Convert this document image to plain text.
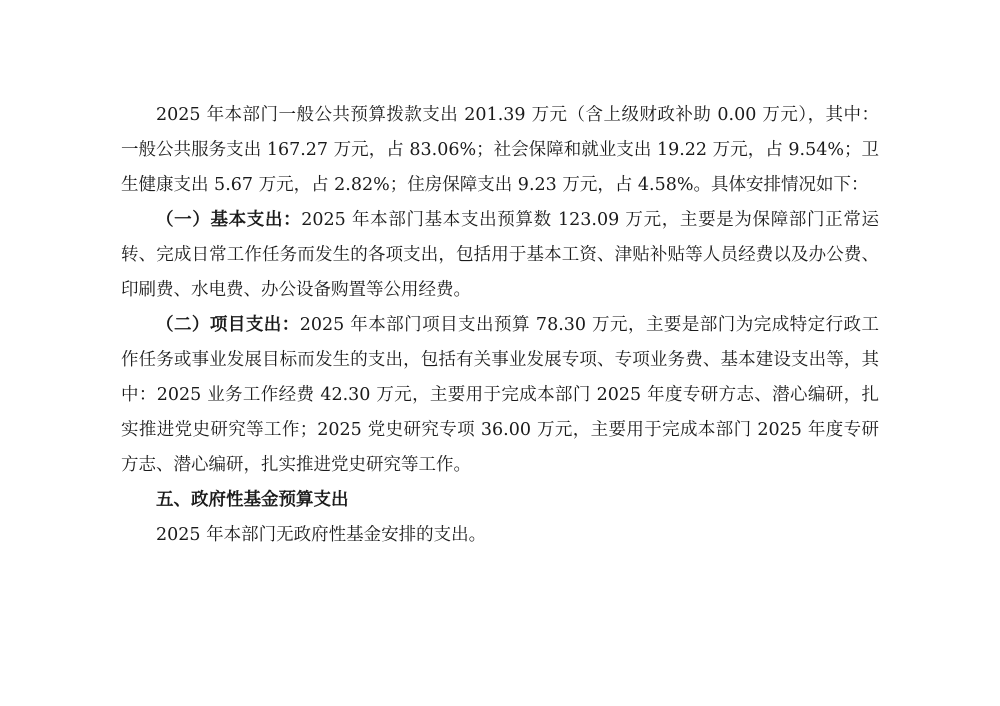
2025 年本部门一般公共预算拨款支出 201.39 万元（含上级财政补助 0.00 万元），其中：一般公共服务支出 167.27 万元，占 83.06%；社会保障和就业支出 19.22 万元，占 9.54%；卫生健康支出 5.67 万元，占 2.82%；住房保障支出 9.23 万元，占 4.58%。具体安排情况如下：

（一）基本支出：2025 年本部门基本支出预算数 123.09 万元，主要是为保障部门正常运转、完成日常工作任务而发生的各项支出，包括用于基本工资、津贴补贴等人员经费以及办公费、印刷费、水电费、办公设备购置等公用经费。

（二）项目支出：2025 年本部门项目支出预算 78.30 万元，主要是部门为完成特定行政工作任务或事业发展目标而发生的支出，包括有关事业发展专项、专项业务费、基本建设支出等，其中：2025 业务工作经费 42.30 万元，主要用于完成本部门 2025 年度专研方志、潜心编研，扎实推进党史研究等工作；2025 党史研究专项 36.00 万元，主要用于完成本部门 2025 年度专研方志、潜心编研，扎实推进党史研究等工作。

五、政府性基金预算支出

2025 年本部门无政府性基金安排的支出。
